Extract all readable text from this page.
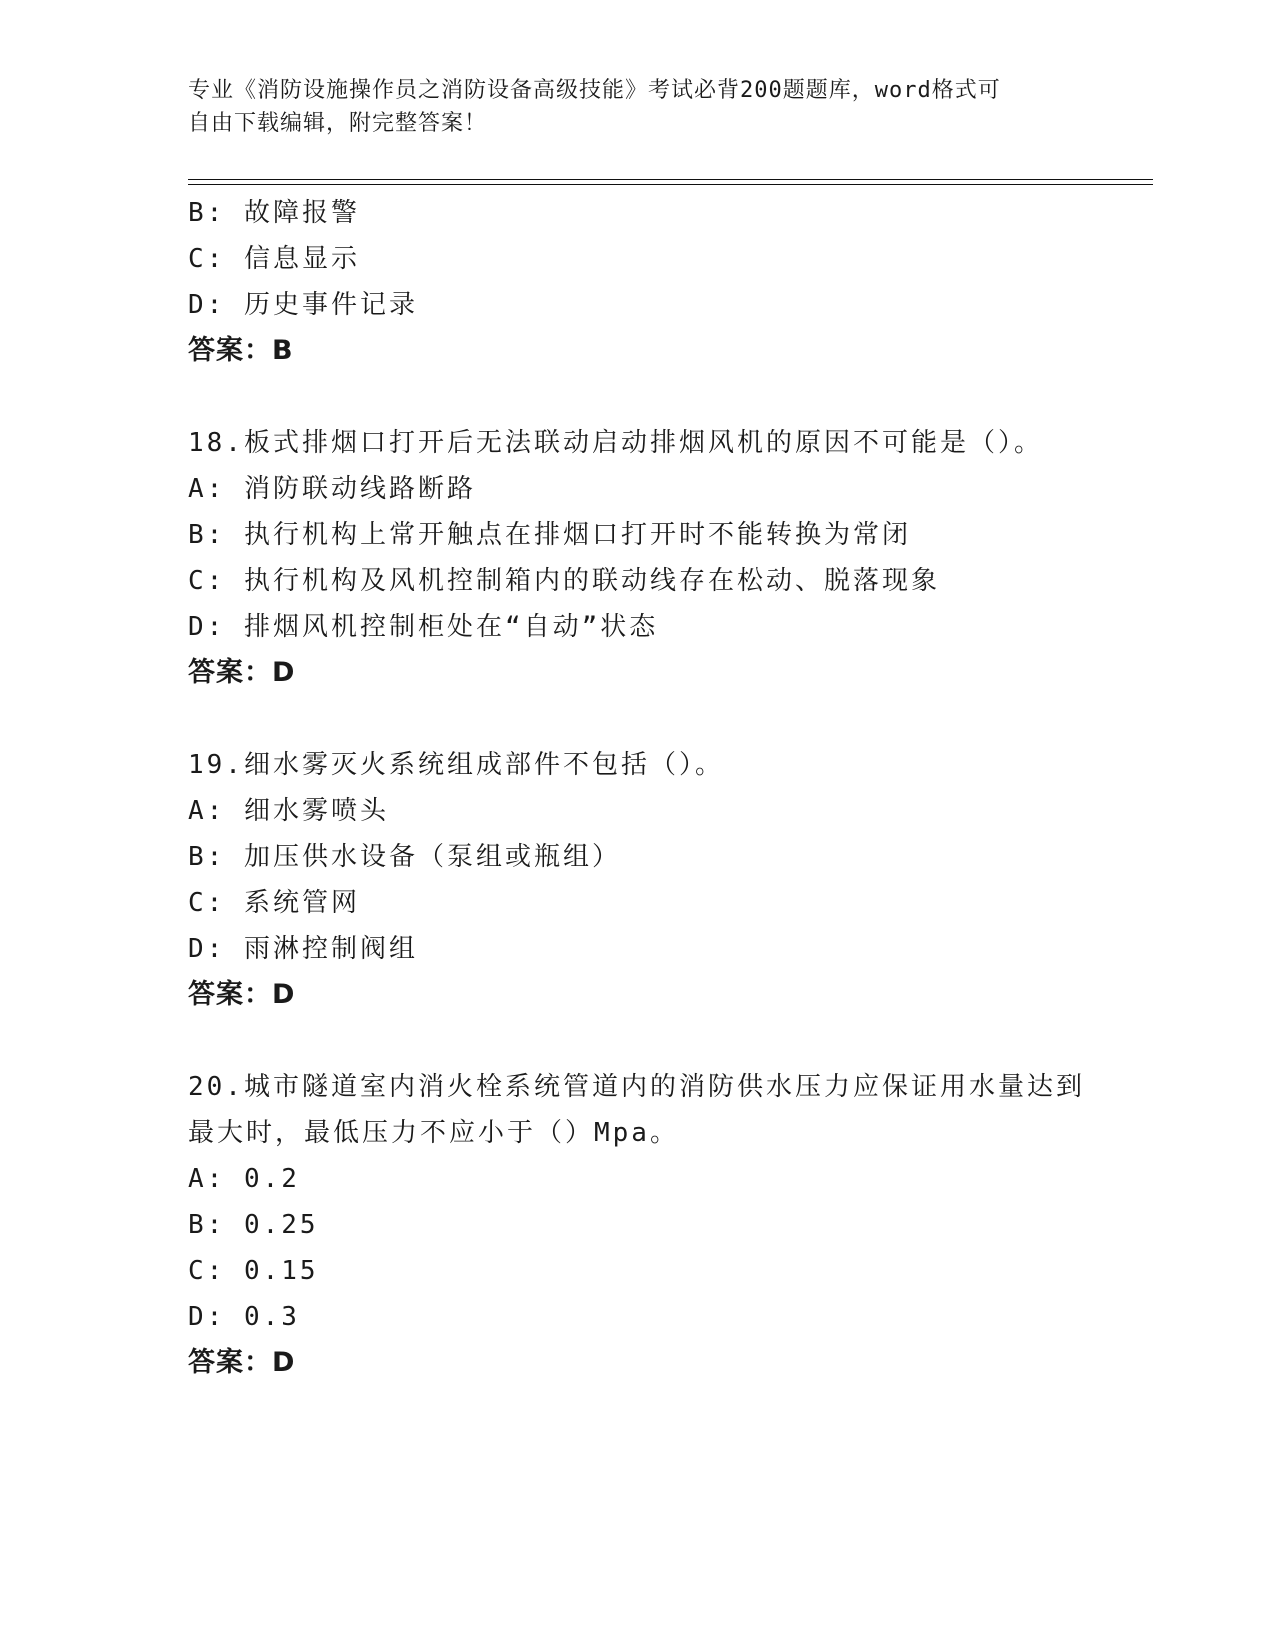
专业《消防设施操作员之消防设备高级技能》考试必背200题题库，word格式可
自由下载编辑，附完整答案！
B: 故障报警
C: 信息显示
D: 历史事件记录
答案：B
18.板式排烟口打开后无法联动启动排烟风机的原因不可能是（）。
A: 消防联动线路断路
B: 执行机构上常开触点在排烟口打开时不能转换为常闭
C: 执行机构及风机控制箱内的联动线存在松动、脱落现象
D: 排烟风机控制柜处在“自动”状态
答案：D
19.细水雾灭火系统组成部件不包括（）。
A: 细水雾喷头
B: 加压供水设备（泵组或瓶组）
C: 系统管网
D: 雨淋控制阀组
答案：D
20.城市隧道室内消火栓系统管道内的消防供水压力应保证用水量达到
最大时，最低压力不应小于（）Mpa。
A: 0.2
B: 0.25
C: 0.15
D: 0.3
答案：D
